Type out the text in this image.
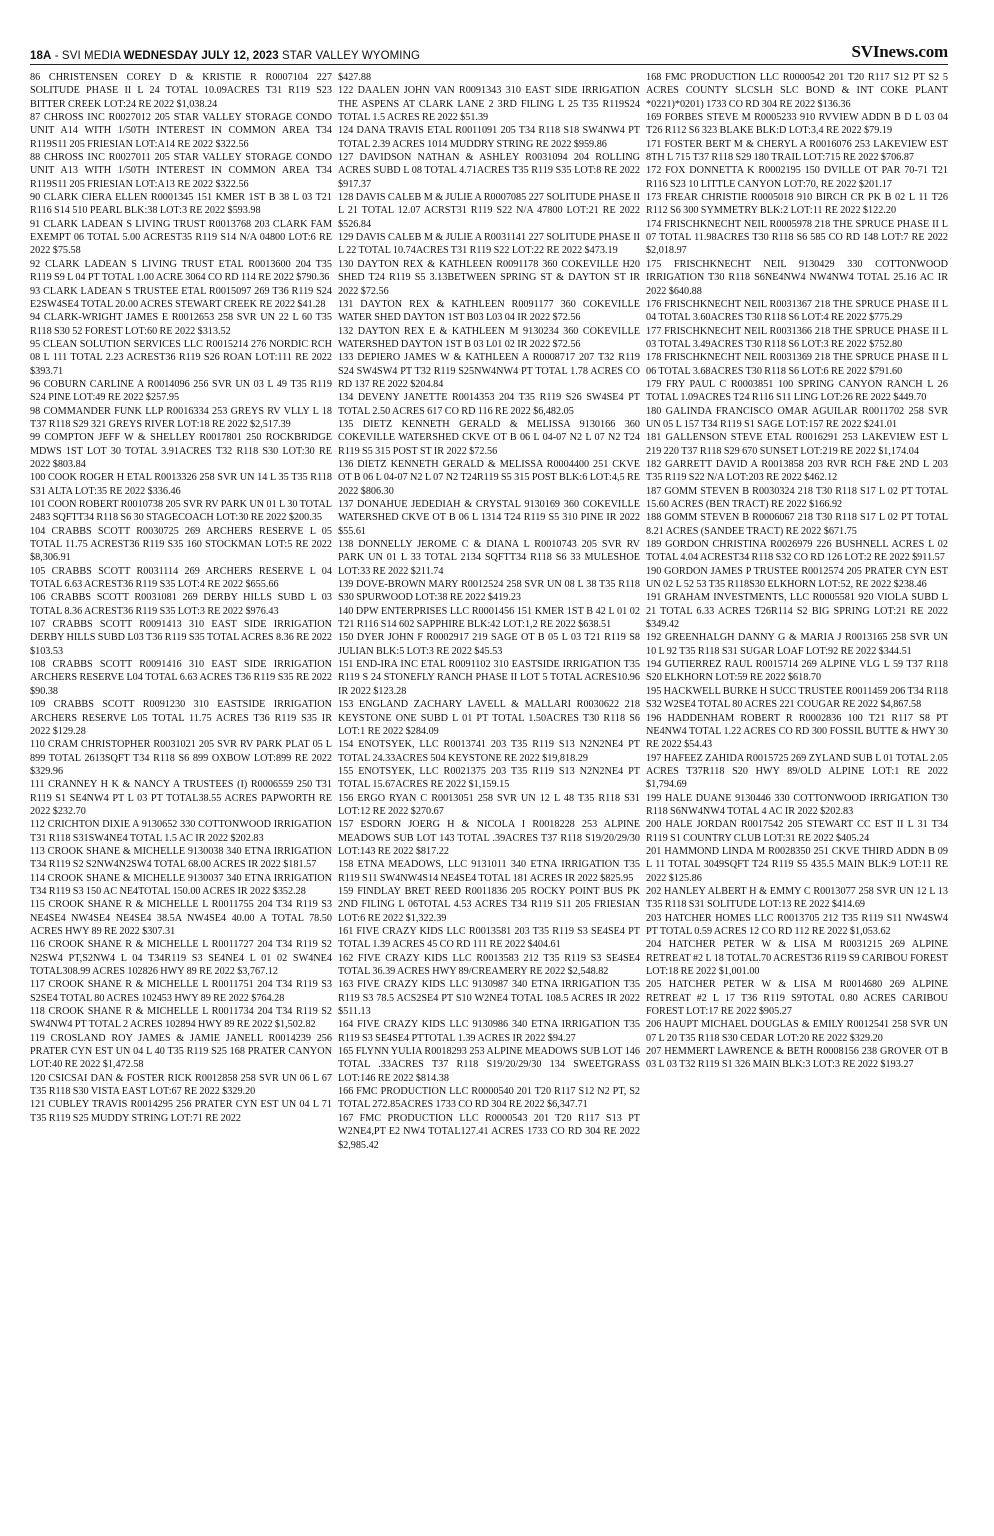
18A - SVI MEDIA WEDNESDAY JULY 12, 2023 STAR VALLEY WYOMING	SVInews.com

86 CHRISTENSEN COREY D & KRISTIE R R0007104 227 SOLITUDE PHASE II L 24 TOTAL 10.09ACRES T31 R119 S23 BITTER CREEK LOT:24 RE 2022 $1,038.24

87 CHROSS INC R0027012 205 STAR VALLEY STORAGE CONDO UNIT A14 WITH 1/50TH INTEREST IN COMMON AREA T34 R119S11 205 FRIESIAN LOT:A14 RE 2022 $322.56

88 CHROSS INC R0027011 205 STAR VALLEY STORAGE CONDO UNIT A13 WITH 1/50TH INTEREST IN COMMON AREA T34 R119S11 205 FRIESIAN LOT:A13 RE 2022 $322.56

90 CLARK CIERA ELLEN R0001345 151 KMER 1ST B 38 L 03 T21 R116 S14 510 PEARL BLK:38 LOT:3 RE 2022 $593.98

91 CLARK LADEAN S LIVING TRUST R0013768 203 CLARK FAM EXEMPT 06 TOTAL 5.00 ACREST35 R119 S14 N/A 04800 LOT:6 RE 2022 $75.58

92 CLARK LADEAN S LIVING TRUST ETAL R0013600 204 T35 R119 S9 L 04 PT TOTAL 1.00 ACRE 3064 CO RD 114 RE 2022 $790.36

93 CLARK LADEAN S TRUSTEE ETAL R0015097 269 T36 R119 S24 E2SW4SE4 TOTAL 20.00 ACRES STEWART CREEK RE 2022 $41.28

94 CLARK-WRIGHT JAMES E R0012653 258 SVR UN 22 L 60 T35 R118 S30 52 FOREST LOT:60 RE 2022 $313.52

95 CLEAN SOLUTION SERVICES LLC R0015214 276 NORDIC RCH 08 L 111 TOTAL 2.23 ACREST36 R119 S26 ROAN LOT:111 RE 2022 $393.71

96 COBURN CARLINE A R0014096 256 SVR UN 03 L 49 T35 R119 S24 PINE LOT:49 RE 2022 $257.95

98 COMMANDER FUNK LLP R0016334 253 GREYS RV VLLY L 18 T37 R118 S29 321 GREYS RIVER LOT:18 RE 2022 $2,517.39

99 COMPTON JEFF W & SHELLEY R0017801 250 ROCKBRIDGE MDWS 1ST LOT 30 TOTAL 3.91ACRES T32 R118 S30 LOT:30 RE 2022 $803.84

100 COOK ROGER H ETAL R0013326 258 SVR UN 14 L 35 T35 R118 S31 ALTA LOT:35 RE 2022 $336.46

101 COON ROBERT R0010738 205 SVR RV PARK UN 01 L 30 TOTAL 2483 SQFTT34 R118 S6 30 STAGECOACH LOT:30 RE 2022 $200.35

104 CRABBS SCOTT R0030725 269 ARCHERS RESERVE L 05 TOTAL 11.75 ACREST36 R119 S35 160 STOCKMAN LOT:5 RE 2022 $8,306.91

105 CRABBS SCOTT R0031114 269 ARCHERS RESERVE L 04 TOTAL 6.63 ACREST36 R119 S35 LOT:4 RE 2022 $655.66

106 CRABBS SCOTT R0031081 269 DERBY HILLS SUBD L 03 TOTAL 8.36 ACREST36 R119 S35 LOT:3 RE 2022 $976.43

107 CRABBS SCOTT R0091413 310 EAST SIDE IRRIGATION DERBY HILLS SUBD L03 T36 R119 S35 TOTAL ACRES 8.36 RE 2022 $103.53

108 CRABBS SCOTT R0091416 310 EAST SIDE IRRIGATION ARCHERS RESERVE L04 TOTAL 6.63 ACRES T36 R119 S35 RE 2022 $90.38

109 CRABBS SCOTT R0091230 310 EASTSIDE IRRIGATION ARCHERS RESERVE L05 TOTAL 11.75 ACRES T36 R119 S35 IR 2022 $129.28

110 CRAM CHRISTOPHER R0031021 205 SVR RV PARK PLAT 05 L 899 TOTAL 2613SQFT T34 R118 S6 899 OXBOW LOT:899 RE 2022 $329.96

111 CRANNEY H K & NANCY A TRUSTEES (I) R0006559 250 T31 R119 S1 SE4NW4 PT L 03 PT TOTAL38.55 ACRES PAPWORTH RE 2022 $232.70

112 CRICHTON DIXIE A 9130652 330 COTTONWOOD IRRIGATION T31 R118 S31SW4NE4 TOTAL 1.5 AC IR 2022 $202.83

113 CROOK SHANE & MICHELLE 9130038 340 ETNA IRRIGATION T34 R119 S2 S2NW4N2SW4 TOTAL 68.00 ACRES IR 2022 $181.57

114 CROOK SHANE & MICHELLE 9130037 340 ETNA IRRIGATION T34 R119 S3 150 AC NE4TOTAL 150.00 ACRES IR 2022 $352.28

115 CROOK SHANE R & MICHELLE L R0011755 204 T34 R119 S3 NE4SE4 NW4SE4 NE4SE4 38.5A NW4SE4 40.00 A TOTAL 78.50 ACRES HWY 89 RE 2022 $307.31

116 CROOK SHANE R & MICHELLE L R0011727 204 T34 R119 S2 N2SW4 PT,S2NW4 L 04 T34R119 S3 SE4NE4 L 01 02 SW4NE4 TOTAL308.99 ACRES 102826 HWY 89 RE 2022 $3,767.12

117 CROOK SHANE R & MICHELLE L R0011751 204 T34 R119 S3 S2SE4 TOTAL 80 ACRES 102453 HWY 89 RE 2022 $764.28

118 CROOK SHANE R & MICHELLE L R0011734 204 T34 R119 S2 SW4NW4 PT TOTAL 2 ACRES 102894 HWY 89 RE 2022 $1,502.82

119 CROSLAND ROY JAMES & JAMIE JANELL R0014239 256 PRATER CYN EST UN 04 L 40 T35 R119 S25 168 PRATER CANYON LOT:40 RE 2022 $1,472.58

120 CSICSAI DAN & FOSTER RICK R0012858 258 SVR UN 06 L 67 T35 R118 S30 VISTA EAST LOT:67 RE 2022 $329.20

121 CUBLEY TRAVIS R0014295 256 PRATER CYN EST UN 04 L 71 T35 R119 S25 MUDDY STRING LOT:71 RE 2022

$427.88

122 DAALEN JOHN VAN R0091343 310 EAST SIDE IRRIGATION THE ASPENS AT CLARK LANE 2 3RD FILING L 25 T35 R119S24 TOTAL 1.5 ACRES RE 2022 $51.39

124 DANA TRAVIS ETAL R0011091 205 T34 R118 S18 SW4NW4 PT TOTAL 2.39 ACRES 1014 MUDDRY STRING RE 2022 $959.86

127 DAVIDSON NATHAN & ASHLEY R0031094 204 ROLLING ACRES SUBD L 08 TOTAL 4.71ACRES T35 R119 S35 LOT:8 RE 2022 $917.37

128 DAVIS CALEB M & JULIE A R0007085 227 SOLITUDE PHASE II L 21 TOTAL 12.07 ACRST31 R119 S22 N/A 47800 LOT:21 RE 2022 $526.84

129 DAVIS CALEB M & JULIE A R0031141 227 SOLITUDE PHASE II L 22 TOTAL 10.74ACRES T31 R119 S22 LOT:22 RE 2022 $473.19

130 DAYTON REX & KATHLEEN R0091178 360 COKEVILLE H20 SHED T24 R119 S5 3.13BETWEEN SPRING ST & DAYTON ST IR 2022 $72.56

131 DAYTON REX & KATHLEEN R0091177 360 COKEVILLE WATER SHED DAYTON 1ST B03 L03 04 IR 2022 $72.56

132 DAYTON REX E & KATHLEEN M 9130234 360 COKEVILLE WATERSHED DAYTON 1ST B 03 L01 02 IR 2022 $72.56

133 DEPIERO JAMES W & KATHLEEN A R0008717 207 T32 R119 S24 SW4SW4 PT T32 R119 S25NW4NW4 PT TOTAL 1.78 ACRES CO RD 137 RE 2022 $204.84

134 DEVENY JANETTE R0014353 204 T35 R119 S26 SW4SE4 PT TOTAL 2.50 ACRES 617 CO RD 116 RE 2022 $6,482.05

135 DIETZ KENNETH GERALD & MELISSA 9130166 360 COKEVILLE WATERSHED CKVE OT B 06 L 04-07 N2 L 07 N2 T24 R119 S5 315 POST ST IR 2022 $72.56

136 DIETZ KENNETH GERALD & MELISSA R0004400 251 CKVE OT B 06 L 04-07 N2 L 07 N2 T24R119 S5 315 POST BLK:6 LOT:4,5 RE 2022 $806.30

137 DONAHUE JEDEDIAH & CRYSTAL 9130169 360 COKEVILLE WATERSHED CKVE OT B 06 L 1314 T24 R119 S5 310 PINE IR 2022 $55.61

138 DONNELLY JEROME C & DIANA L R0010743 205 SVR RV PARK UN 01 L 33 TOTAL 2134 SQFTT34 R118 S6 33 MULESHOE LOT:33 RE 2022 $211.74

139 DOVE-BROWN MARY R0012524 258 SVR UN 08 L 38 T35 R118 S30 SPURWOOD LOT:38 RE 2022 $419.23

140 DPW ENTERPRISES LLC R0001456 151 KMER 1ST B 42 L 01 02 T21 R116 S14 602 SAPPHIRE BLK:42 LOT:1,2 RE 2022 $638.51

150 DYER JOHN F R0002917 219 SAGE OT B 05 L 03 T21 R119 S8 JULIAN BLK:5 LOT:3 RE 2022 $45.53

151 END-IRA INC ETAL R0091102 310 EASTSIDE IRRIGATION T35 R119 S 24 STONEFLY RANCH PHASE II LOT 5 TOTAL ACRES10.96 IR 2022 $123.28

153 ENGLAND ZACHARY LAVELL & MALLARI R0030622 218 KEYSTONE ONE SUBD L 01 PT TOTAL 1.50ACRES T30 R118 S6 LOT:1 RE 2022 $284.09

154 ENOTSYEK, LLC R0013741 203 T35 R119 S13 N2N2NE4 PT TOTAL 24.33ACRES 504 KEYSTONE RE 2022 $19,818.29

155 ENOTSYEK, LLC R0021375 203 T35 R119 S13 N2N2NE4 PT TOTAL 15.67ACRES RE 2022 $1,159.15

156 ERGO RYAN C R0013051 258 SVR UN 12 L 48 T35 R118 S31 LOT:12 RE 2022 $270.67

157 ESDORN JOERG H & NICOLA I R0018228 253 ALPINE MEADOWS SUB LOT 143 TOTAL .39ACRES T37 R118 S19/20/29/30 LOT:143 RE 2022 $817.22

158 ETNA MEADOWS, LLC 9131011 340 ETNA IRRIGATION T35 R119 S11 SW4NW4S14 NE4SE4 TOTAL 181 ACRES IR 2022 $825.95

159 FINDLAY BRET REED R0011836 205 ROCKY POINT BUS PK 2ND FILING L 06TOTAL 4.53 ACRES T34 R119 S11 205 FRIESIAN LOT:6 RE 2022 $1,322.39

161 FIVE CRAZY KIDS LLC R0013581 203 T35 R119 S3 SE4SE4 PT TOTAL 1.39 ACRES 45 CO RD 111 RE 2022 $404.61

162 FIVE CRAZY KIDS LLC R0013583 212 T35 R119 S3 SE4SE4 TOTAL 36.39 ACRES HWY 89/CREAMERY RE 2022 $2,548.82

163 FIVE CRAZY KIDS LLC 9130987 340 ETNA IRRIGATION T35 R119 S3 78.5 ACS2SE4 PT S10 W2NE4 TOTAL 108.5 ACRES IR 2022 $511.13

164 FIVE CRAZY KIDS LLC 9130986 340 ETNA IRRIGATION T35 R119 S3 SE4SE4 PTTOTAL 1.39 ACRES IR 2022 $94.27

165 FLYNN YULIA R0018293 253 ALPINE MEADOWS SUB LOT 146 TOTAL .33ACRES T37 R118 S19/20/29/30 134 SWEETGRASS LOT:146 RE 2022 $814.38

166 FMC PRODUCTION LLC R0000540 201 T20 R117 S12 N2 PT, S2 TOTAL 272.85ACRES 1733 CO RD 304 RE 2022 $6,347.71

167 FMC PRODUCTION LLC R0000543 201 T20 R117 S13 PT W2NE4,PT E2 NW4 TOTAL127.41 ACRES 1733 CO RD 304 RE 2022 $2,985.42

168 FMC PRODUCTION LLC R0000542 201 T20 R117 S12 PT S2 5 ACRES COUNTY SLCSLH SLC BOND & INT COKE PLANT *0221)*0201) 1733 CO RD 304 RE 2022 $136.36

169 FORBES STEVE M R0005233 910 RVVIEW ADDN B D L 03 04 T26 R112 S6 323 BLAKE BLK:D LOT:3,4 RE 2022 $79.19

171 FOSTER BERT M & CHERYL A R0016076 253 LAKEVIEW EST 8TH L 715 T37 R118 S29 180 TRAIL LOT:715 RE 2022 $706.87

172 FOX DONNETTA K R0002195 150 DVILLE OT PAR 70-71 T21 R116 S23 10 LITTLE CANYON LOT:70, RE 2022 $201.17

173 FREAR CHRISTIE R0005018 910 BIRCH CR PK B 02 L 11 T26 R112 S6 300 SYMMETRY BLK:2 LOT:11 RE 2022 $122.20

174 FRISCHKNECHT NEIL R0005978 218 THE SPRUCE PHASE II L 07 TOTAL 11.98ACRES T30 R118 S6 585 CO RD 148 LOT:7 RE 2022 $2,018.97

175 FRISCHKNECHT NEIL 9130429 330 COTTONWOOD IRRIGATION T30 R118 S6NE4NW4 NW4NW4 TOTAL 25.16 AC IR 2022 $640.88

176 FRISCHKNECHT NEIL R0031367 218 THE SPRUCE PHASE II L 04 TOTAL 3.60ACRES T30 R118 S6 LOT:4 RE 2022 $775.29

177 FRISCHKNECHT NEIL R0031366 218 THE SPRUCE PHASE II L 03 TOTAL 3.49ACRES T30 R118 S6 LOT:3 RE 2022 $752.80

178 FRISCHKNECHT NEIL R0031369 218 THE SPRUCE PHASE II L 06 TOTAL 3.68ACRES T30 R118 S6 LOT:6 RE 2022 $791.60

179 FRY PAUL C R0003851 100 SPRING CANYON RANCH L 26 TOTAL 1.09ACRES T24 R116 S11 LING LOT:26 RE 2022 $449.70

180 GALINDA FRANCISCO OMAR AGUILAR R0011702 258 SVR UN 05 L 157 T34 R119 S1 SAGE LOT:157 RE 2022 $241.01

181 GALLENSON STEVE ETAL R0016291 253 LAKEVIEW EST L 219 220 T37 R118 S29 670 SUNSET LOT:219 RE 2022 $1,174.04

182 GARRETT DAVID A R0013858 203 RVR RCH F&E 2ND L 203 T35 R119 S22 N/A LOT:203 RE 2022 $462.12

187 GOMM STEVEN B R0030324 218 T30 R118 S17 L 02 PT TOTAL 15.60 ACRES (BEN TRACT) RE 2022 $166.92

188 GOMM STEVEN B R0006067 218 T30 R118 S17 L 02 PT TOTAL 8.21 ACRES (SANDEE TRACT) RE 2022 $671.75

189 GORDON CHRISTINA R0026979 226 BUSHNELL ACRES L 02 TOTAL 4.04 ACREST34 R118 S32 CO RD 126 LOT:2 RE 2022 $911.57

190 GORDON JAMES P TRUSTEE R0012574 205 PRATER CYN EST UN 02 L 52 53 T35 R118S30 ELKHORN LOT:52, RE 2022 $238.46

191 GRAHAM INVESTMENTS, LLC R0005581 920 VIOLA SUBD L 21 TOTAL 6.33 ACRES T26R114 S2 BIG SPRING LOT:21 RE 2022 $349.42

192 GREENHALGH DANNY G & MARIA J R0013165 258 SVR UN 10 L 92 T35 R118 S31 SUGAR LOAF LOT:92 RE 2022 $344.51

194 GUTIERREZ RAUL R0015714 269 ALPINE VLG L 59 T37 R118 S20 ELKHORN LOT:59 RE 2022 $618.70

195 HACKWELL BURKE H SUCC TRUSTEE R0011459 206 T34 R118 S32 W2SE4 TOTAL 80 ACRES 221 COUGAR RE 2022 $4,867.58

196 HADDENHAM ROBERT R R0002836 100 T21 R117 S8 PT NE4NW4 TOTAL 1.22 ACRES CO RD 300 FOSSIL BUTTE & HWY 30 RE 2022 $54.43

197 HAFEEZ ZAHIDA R0015725 269 ZYLAND SUB L 01 TOTAL 2.05 ACRES T37R118 S20 HWY 89/OLD ALPINE LOT:1 RE 2022 $1,794.69

199 HALE DUANE 9130446 330 COTTONWOOD IRRIGATION T30 R118 S6NW4NW4 TOTAL 4 AC IR 2022 $202.83

200 HALE JORDAN R0017542 205 STEWART CC EST II L 31 T34 R119 S1 COUNTRY CLUB LOT:31 RE 2022 $405.24

201 HAMMOND LINDA M R0028350 251 CKVE THIRD ADDN B 09 L 11 TOTAL 3049SQFT T24 R119 S5 435.5 MAIN BLK:9 LOT:11 RE 2022 $125.86

202 HANLEY ALBERT H & EMMY C R0013077 258 SVR UN 12 L 13 T35 R118 S31 SOLITUDE LOT:13 RE 2022 $414.69

203 HATCHER HOMES LLC R0013705 212 T35 R119 S11 NW4SW4 PT TOTAL 0.59 ACRES 12 CO RD 112 RE 2022 $1,053.62

204 HATCHER PETER W & LISA M R0031215 269 ALPINE RETREAT #2 L 18 TOTAL.70 ACREST36 R119 S9 CARIBOU FOREST LOT:18 RE 2022 $1,001.00

205 HATCHER PETER W & LISA M R0014680 269 ALPINE RETREAT #2 L 17 T36 R119 S9TOTAL 0.80 ACRES CARIBOU FOREST LOT:17 RE 2022 $905.27

206 HAUPT MICHAEL DOUGLAS & EMILY R0012541 258 SVR UN 07 L 20 T35 R118 S30 CEDAR LOT:20 RE 2022 $329.20

207 HEMMERT LAWRENCE & BETH R0008156 238 GROVER OT B 03 L 03 T32 R119 S1 326 MAIN BLK:3 LOT:3 RE 2022 $193.27
